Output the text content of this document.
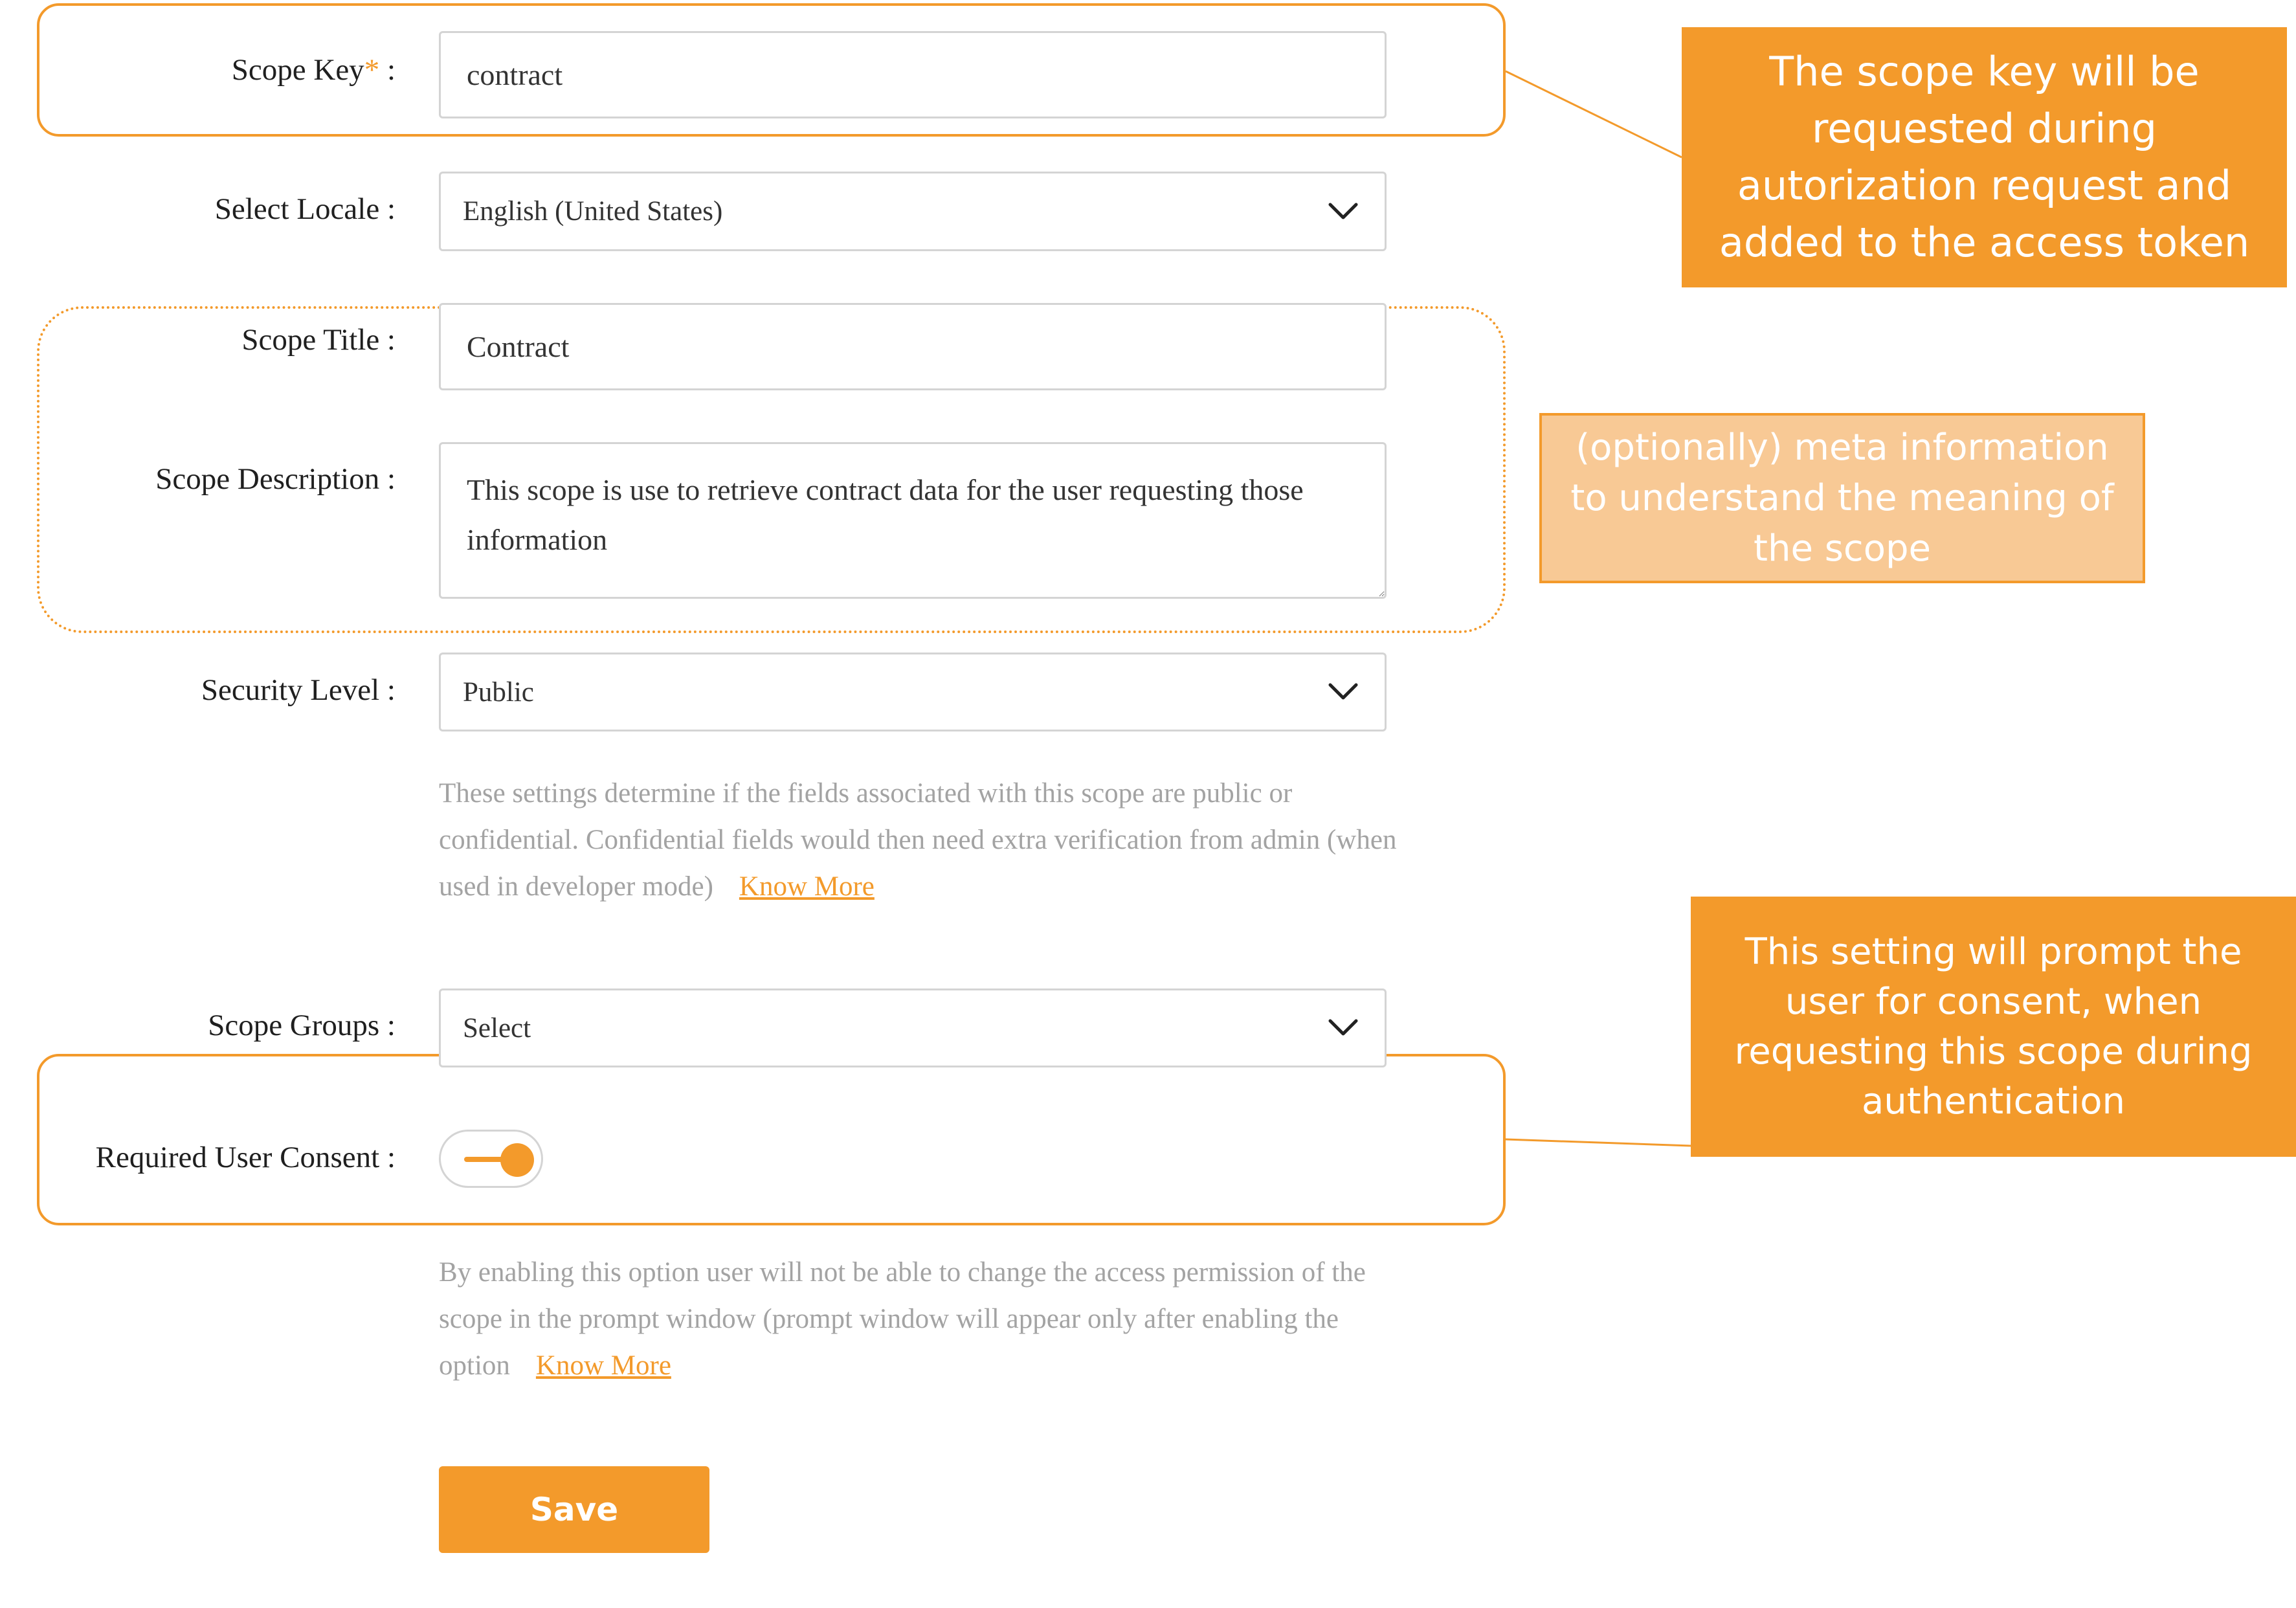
Scope Key* : contract
Select Locale : English (United States)
Scope Title : Contract
Scope Description :
This scope is use to retrieve contract data for the user requesting those information
Security Level : Public
These settings determine if the fields associated with this scope are public or confidential. Confidential fields would then need extra verification from admin (when used in developer mode) Know More
Scope Groups : Select
Required User Consent :
By enabling this option user will not be able to change the access permission of the scope in the prompt window (prompt window will appear only after enabling the option Know More
Save
The scope key will be requested during autorization request and added to the access token
(optionally) meta information to understand the meaning of the scope
This setting will prompt the user for consent, when requesting this scope during authentication
